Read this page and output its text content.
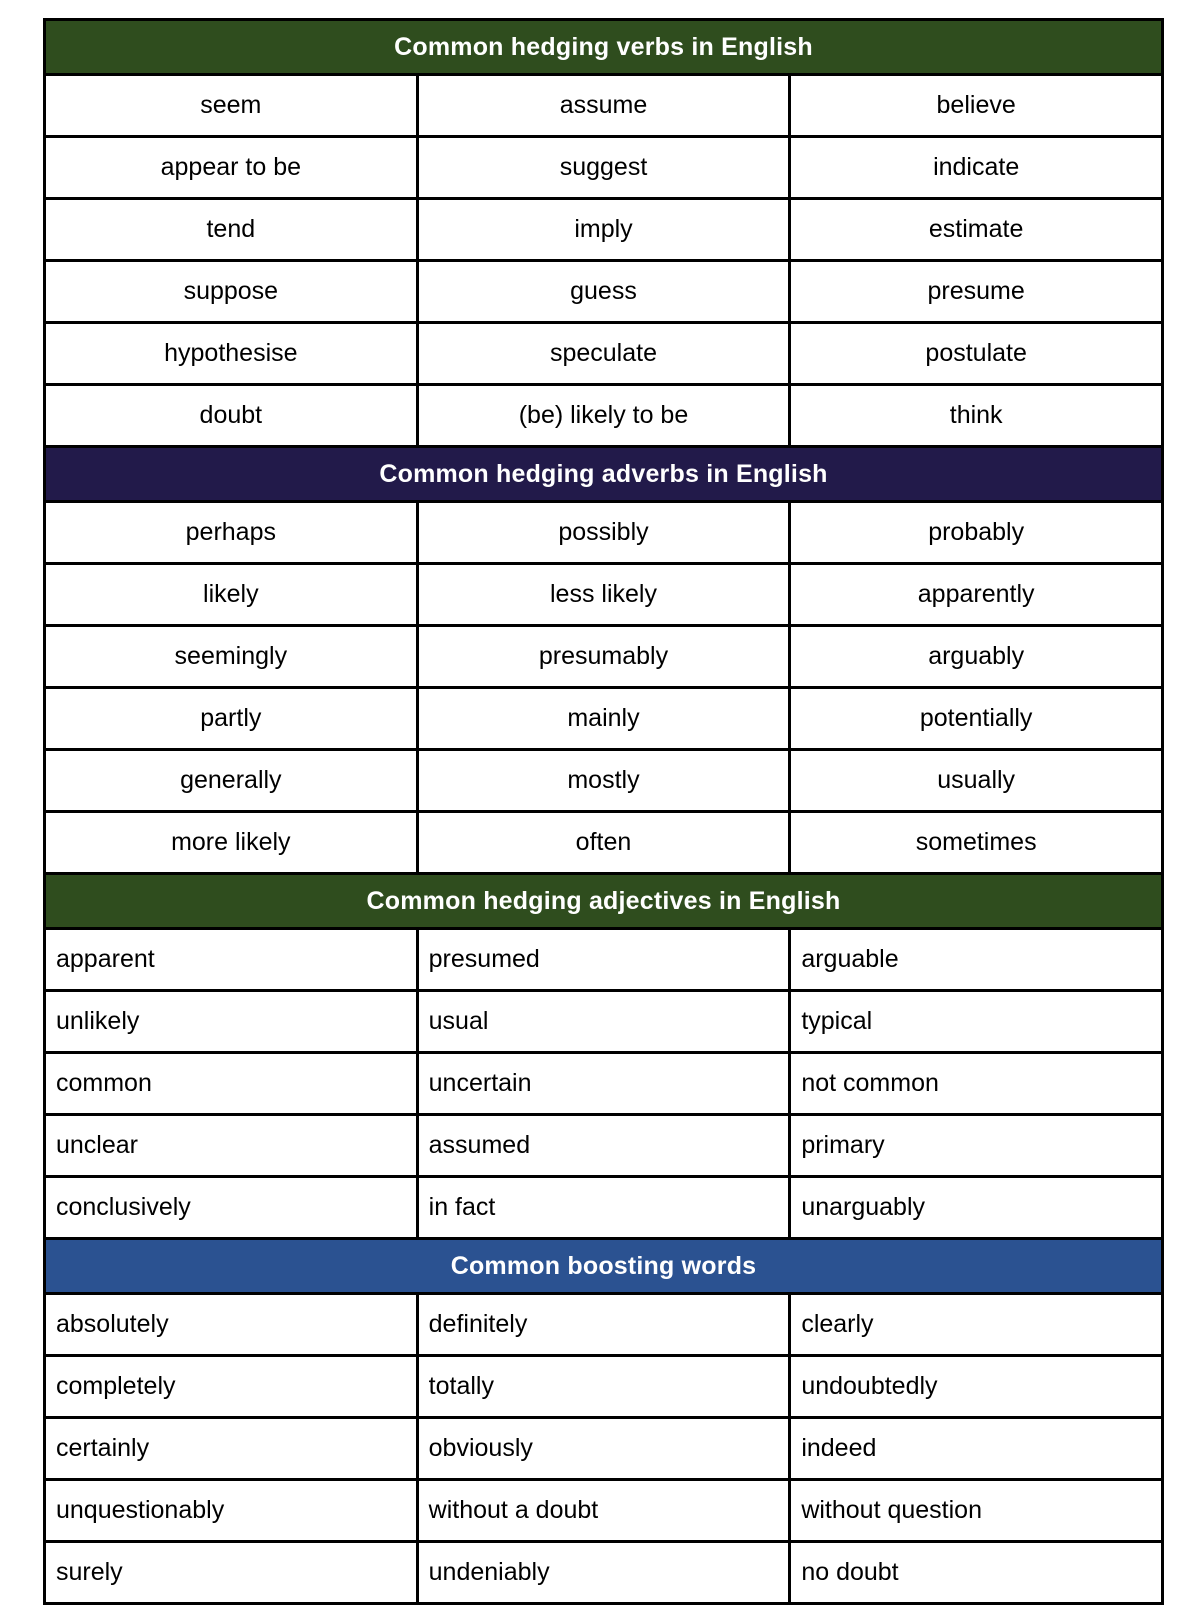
Common hedging verbs in English		
seem	assume	believe
appear to be	suggest	indicate
tend	imply	estimate
suppose	guess	presume
hypothesise	speculate	postulate
doubt	(be) likely to be	think
Common hedging adverbs in English		
perhaps	possibly	probably
likely	less likely	apparently
seemingly	presumably	arguably
partly	mainly	potentially
generally	mostly	usually
more likely	often	sometimes
Common hedging adjectives in English		
apparent	presumed	arguable
unlikely	usual	typical
common	uncertain	not common
unclear	assumed	primary
conclusively	in fact	unarguably
Common boosting words		
absolutely	definitely	clearly
completely	totally	undoubtedly
certainly	obviously	indeed
unquestionably	without a doubt	without question
surely	undeniably	no doubt
